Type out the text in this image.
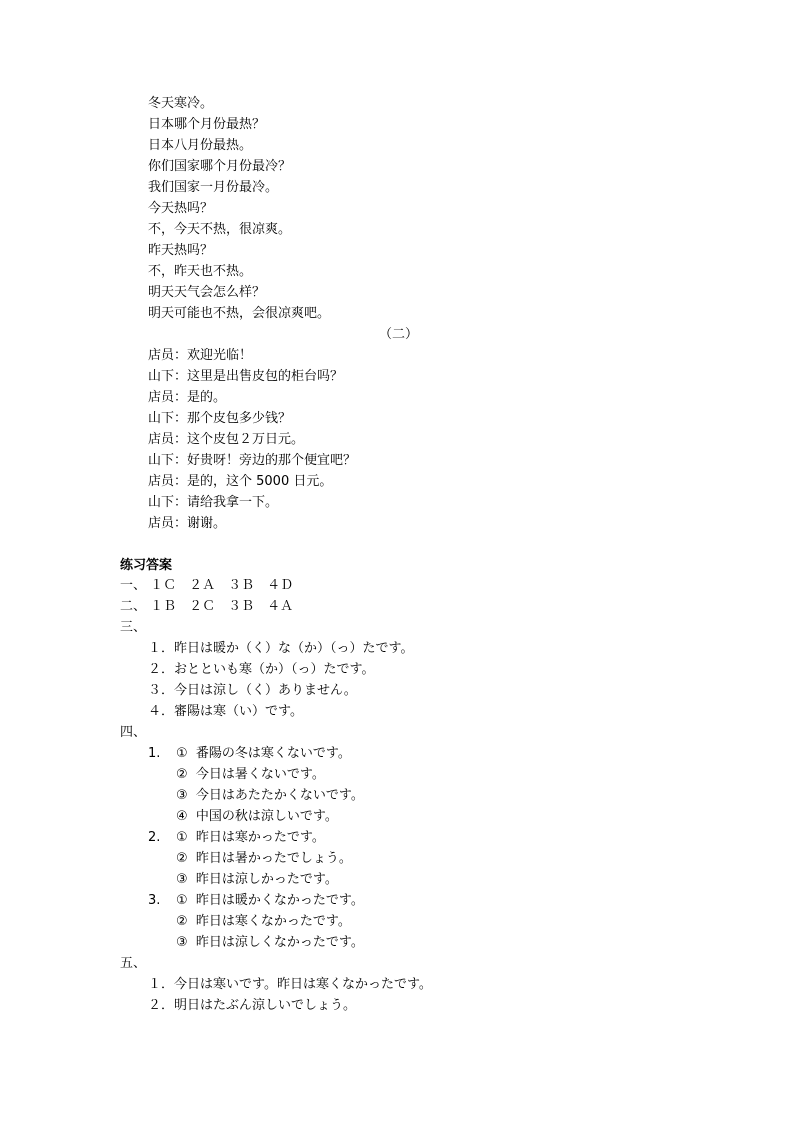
冬天寒冷。
日本哪个月份最热？
日本八月份最热。
你们国家哪个月份最冷？
我们国家一月份最冷。
今天热吗？
不，今天不热，很凉爽。
昨天热吗？
不，昨天也不热。
明天天气会怎么样？
明天可能也不热，会很凉爽吧。
（二）
店员：欢迎光临！
山下：这里是出售皮包的柜台吗？
店员：是的。
山下：那个皮包多少钱？
店员：这个皮包２万日元。
山下：好贵呀！旁边的那个便宜吧？
店员：是的，这个 5000 日元。
山下：请给我拿一下。
店员：谢谢。
练习答案
一、 １Ｃ　２Ａ　３Ｂ　４Ｄ
二、 １Ｂ　２Ｃ　３Ｂ　４Ａ
三、
１．昨日は暖か（く）な（か）（っ）たです。
２．おとといも寒（か）（っ）たです。
３．今日は涼し（く）ありません。
４．審陽は寒（い）です。
四、
1. ①  番陽の冬は寒くないです。
②  今日は暑くないです。
③  今日はあたたかくないです。
④  中国の秋は涼しいです。
2. ①  昨日は寒かったです。
②  昨日は暑かったでしょう。
③  昨日は涼しかったです。
3. ①  昨日は暖かくなかったです。
②  昨日は寒くなかったです。
③  昨日は涼しくなかったです。
五、
１．今日は寒いです。昨日は寒くなかったです。
２．明日はたぶん涼しいでしょう。
